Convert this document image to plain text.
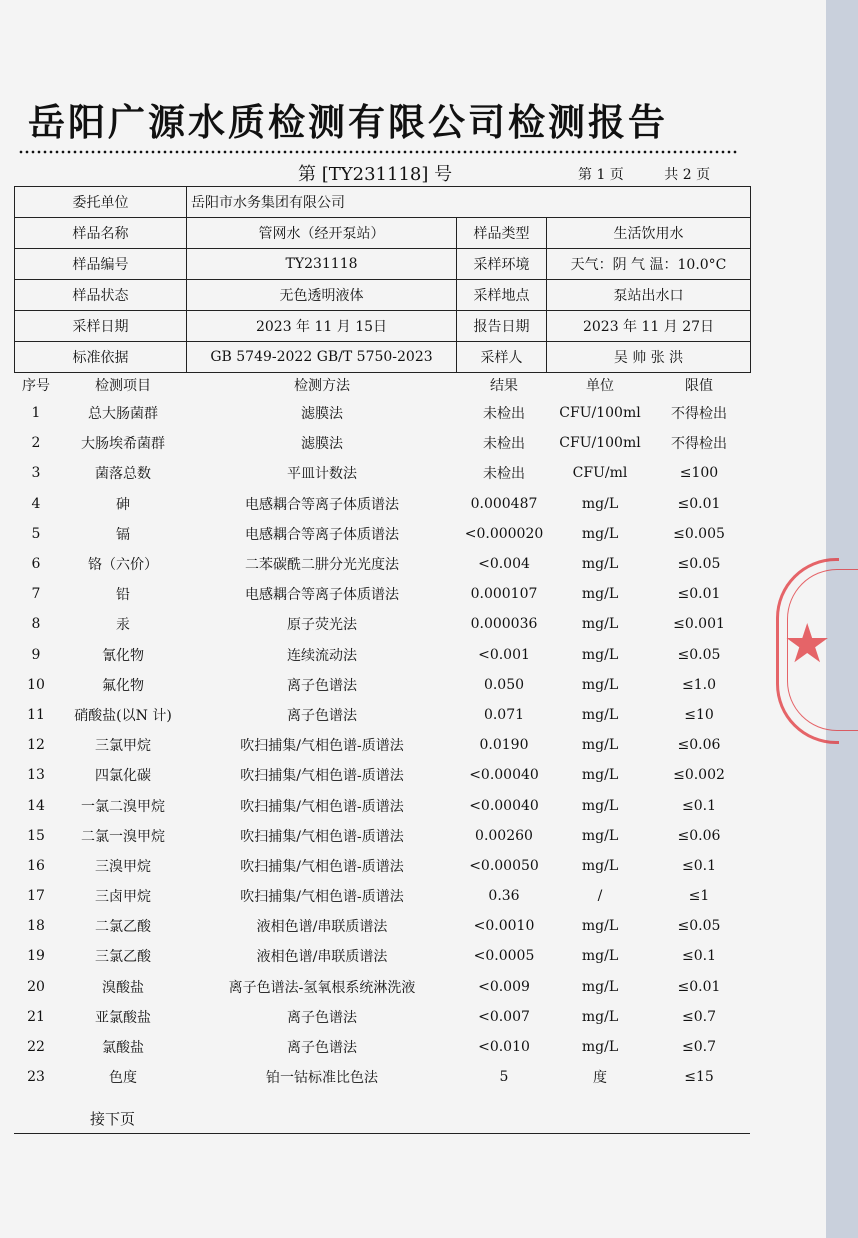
岳阳广源水质检测有限公司检测报告
第 [TY231118] 号	第 1 页	共 2 页
委托单位	岳阳市水务集团有限公司		
样品名称	管网水（经开泵站）	样品类型	生活饮用水
样品编号	TY231118	采样环境	天气：阴 气 温：10.0°C
样品状态	无色透明液体	采样地点	泵站出水口
采样日期	2023 年 11 月 15日	报告日期	2023 年 11 月 27日
标准依据	GB 5749-2022 GB/T 5750-2023	采样人	吴 帅 张 洪
序号	检测项目	检测方法	结果	单位	限值
1	总大肠菌群	滤膜法	未检出	CFU/100ml	不得检出
2	大肠埃希菌群	滤膜法	未检出	CFU/100ml	不得检出
3	菌落总数	平皿计数法	未检出	CFU/ml	≤100
4	砷	电感耦合等离子体质谱法	0.000487	mg/L	≤0.01
5	镉	电感耦合等离子体质谱法	<0.000020	mg/L	≤0.005
6	铬（六价）	二苯碳酰二肼分光光度法	<0.004	mg/L	≤0.05
7	铅	电感耦合等离子体质谱法	0.000107	mg/L	≤0.01
8	汞	原子荧光法	0.000036	mg/L	≤0.001
9	氰化物	连续流动法	<0.001	mg/L	≤0.05
10	氟化物	离子色谱法	0.050	mg/L	≤1.0
11	硝酸盐(以N 计)	离子色谱法	0.071	mg/L	≤10
12	三氯甲烷	吹扫捕集/气相色谱-质谱法	0.0190	mg/L	≤0.06
13	四氯化碳	吹扫捕集/气相色谱-质谱法	<0.00040	mg/L	≤0.002
14	一氯二溴甲烷	吹扫捕集/气相色谱-质谱法	<0.00040	mg/L	≤0.1
15	二氯一溴甲烷	吹扫捕集/气相色谱-质谱法	0.00260	mg/L	≤0.06
16	三溴甲烷	吹扫捕集/气相色谱-质谱法	<0.00050	mg/L	≤0.1
17	三卤甲烷	吹扫捕集/气相色谱-质谱法	0.36	/	≤1
18	二氯乙酸	液相色谱/串联质谱法	<0.0010	mg/L	≤0.05
19	三氯乙酸	液相色谱/串联质谱法	<0.0005	mg/L	≤0.1
20	溴酸盐	离子色谱法-氢氧根系统淋洗液	<0.009	mg/L	≤0.01
21	亚氯酸盐	离子色谱法	<0.007	mg/L	≤0.7
22	氯酸盐	离子色谱法	<0.010	mg/L	≤0.7
23	色度	铂一钴标准比色法	5	度	≤15
接下页
★
